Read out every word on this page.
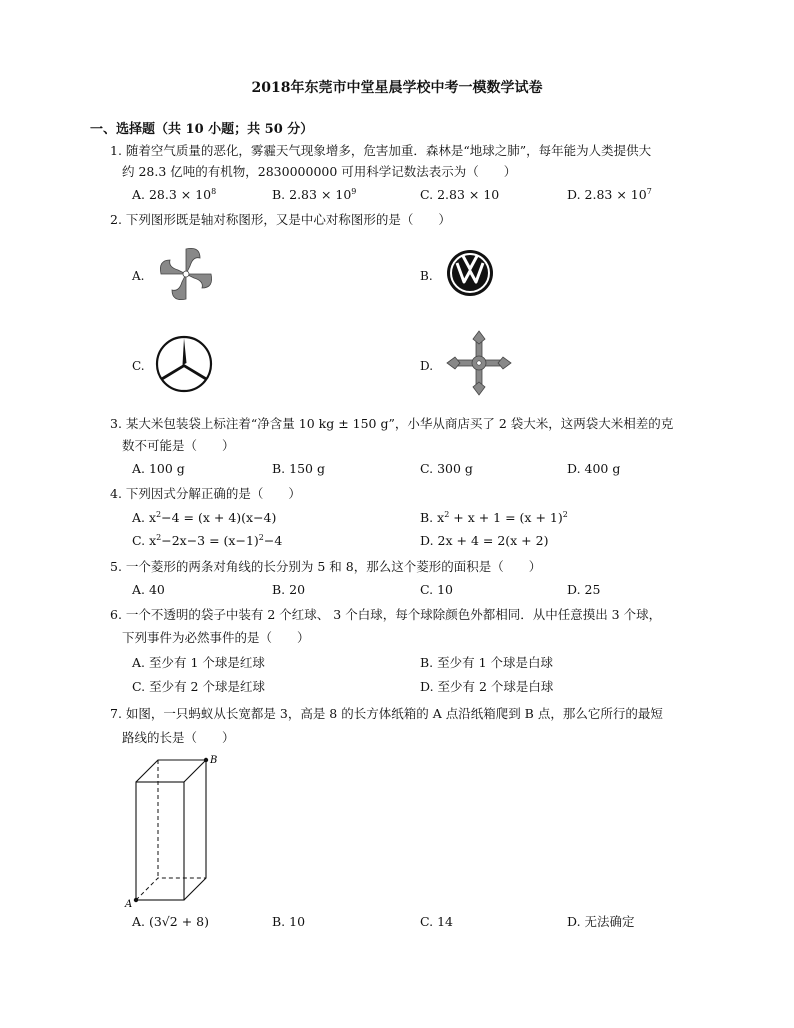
2018年东莞市中堂星晨学校中考一模数学试卷
一、选择题（共 10 小题；共 50 分）
1. 随着空气质量的恶化，雾霾天气现象增多，危害加重．森林是“地球之肺”，每年能为人类提供大
约 28.3 亿吨的有机物，2830000000 可用科学记数法表示为（　　）
A. $28.3 \times 10^8$	B. $2.83 \times 10^9$	C. 2.83 × 10	D. $2.83 \times 10^7$
2. 下列图形既是轴对称图形，又是中心对称图形的是（　　）
A.	B.
C.	D.
3. 某大米包装袋上标注着“净含量 10 kg ± 150 g”，小华从商店买了 2 袋大米，这两袋大米相差的克
数不可能是（　　）
A. 100 g	B. 150 g	C. 300 g	D. 400 g
4. 下列因式分解正确的是（　　）
A. $x^2-4 = (x + 4)(x-4)$	B. $x^2 + x + 1 = (x + 1)^2$
C. $x^2-2x-3 = (x-1)^2-4$	D. 2x + 4 = 2(x + 2)
5. 一个菱形的两条对角线的长分别为 5 和 8，那么这个菱形的面积是（　　）
A. 40	B. 20	C. 10	D. 25
6. 一个不透明的袋子中装有 2 个红球、 3 个白球，每个球除颜色外都相同．从中任意摸出 3 个球，
下列事件为必然事件的是（　　）
A. 至少有 1 个球是红球	B. 至少有 1 个球是白球
C. 至少有 2 个球是红球	D. 至少有 2 个球是白球
7. 如图，一只蚂蚁从长宽都是 3，高是 8 的长方体纸箱的 A 点沿纸箱爬到 B 点，那么它所行的最短
路线的长是（　　）
A
B
A. (3√2 + 8)	B. 10	C. 14	D. 无法确定
